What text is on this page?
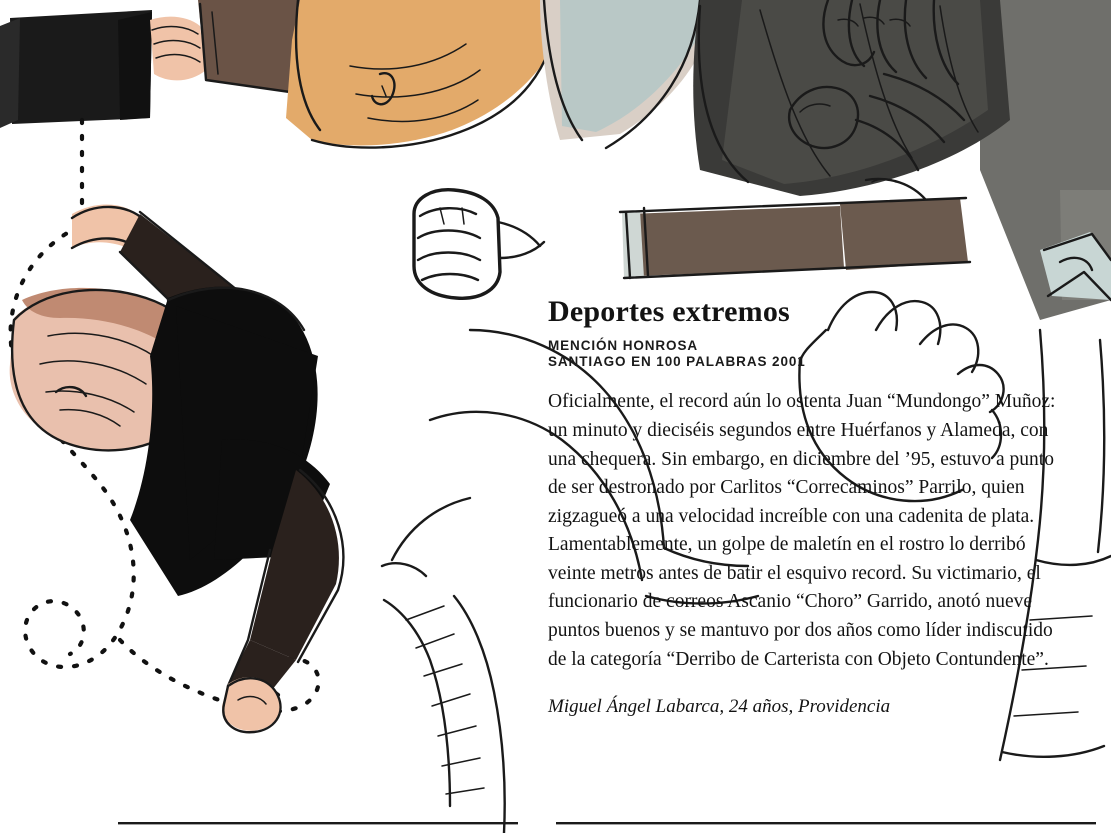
Deportes extremos
MENCIÓN HONROSA
SANTIAGO EN 100 PALABRAS 2001

Oficialmente, el record aún lo ostenta Juan “Mundongo” Muñoz: un minuto y dieciséis segundos entre Huérfanos y Alameda, con una chequera. Sin embargo, en diciembre del ’95, estuvo a punto de ser destronado por Carlitos “Correcaminos” Parrilo, quien zigzagueó a una velocidad increíble con una cadenita de plata. Lamentablemente, un golpe de maletín en el rostro lo derribó veinte metros antes de batir el esquivo record. Su victimario, el funcionario de correos Ascanio “Choro” Garrido, anotó nueve puntos buenos y se mantuvo por dos años como líder indiscutido de la categoría “Derribo de Carterista con Objeto Contundente”.

Miguel Ángel Labarca, 24 años, Providencia
